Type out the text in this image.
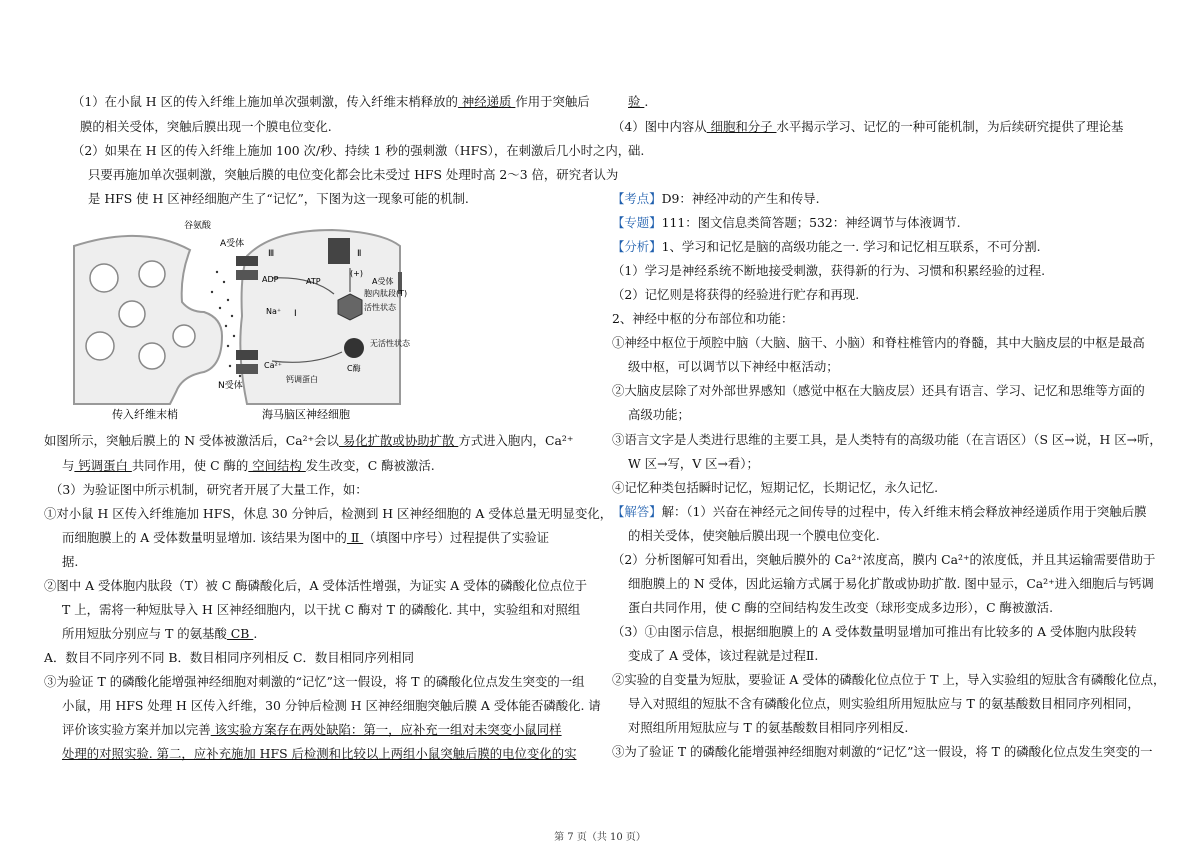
（1）在小鼠 H 区的传入纤维上施加单次强刺激，传入纤维末梢释放的 神经递质 作用于突触后
膜的相关受体，突触后膜出现一个膜电位变化.
（2）如果在 H 区的传入纤维上施加 100 次/秒、持续 1 秒的强刺激（HFS），在刺激后几小时之内，
只要再施加单次强刺激，突触后膜的电位变化都会比未受过 HFS 处理时高 2～3 倍，研究者认为
是 HFS 使 H 区神经细胞产生了“记忆”，下图为这一现象可能的机制.
如图所示，突触后膜上的 N 受体被激活后，Ca²⁺会以 易化扩散或协助扩散 方式进入胞内，Ca²⁺
与 钙调蛋白 共同作用，使 C 酶的 空间结构 发生改变，C 酶被激活.
（3）为验证图中所示机制，研究者开展了大量工作，如：
①对小鼠 H 区传入纤维施加 HFS，休息 30 分钟后，检测到 H 区神经细胞的 A 受体总量无明显变化，
而细胞膜上的 A 受体数量明显增加. 该结果为图中的 Ⅱ （填图中序号）过程提供了实验证
据.
②图中 A 受体胞内肽段（T）被 C 酶磷酸化后，A 受体活性增强，为证实 A 受体的磷酸化位点位于
T 上，需将一种短肽导入 H 区神经细胞内，以干扰 C 酶对 T 的磷酸化. 其中，实验组和对照组
所用短肽分别应与 T 的氨基酸 CB .
A．数目不同序列不同 B．数目相同序列相反 C．数目相同序列相同
③为验证 T 的磷酸化能增强神经细胞对刺激的“记忆”这一假设，将 T 的磷酸化位点发生突变的一组
小鼠，用 HFS 处理 H 区传入纤维，30 分钟后检测 H 区神经细胞突触后膜 A 受体能否磷酸化. 请
评价该实验方案并加以完善 该实验方案存在两处缺陷：第一，应补充一组对未突变小鼠同样
处理的对照实验. 第二，应补充施加 HFS 后检测和比较以上两组小鼠突触后膜的电位变化的实
谷氨酸
A受体
Ⅲ	Ⅱ
ADP	ATP
(+)
活性状态
A受体
胞内肽段(T)
Na⁺ Ⅰ
无活性状态
Ca²⁺	C酶
N受体
钙调蛋白
传入纤维末梢	海马脑区神经细胞
验 .
（4）图中内容从 细胞和分子 水平揭示学习、记忆的一种可能机制，为后续研究提供了理论基
础.
【考点】D9：神经冲动的产生和传导.
【专题】111：图文信息类简答题；532：神经调节与体液调节.
【分析】1、学习和记忆是脑的高级功能之一. 学习和记忆相互联系，不可分割.
（1）学习是神经系统不断地接受刺激，获得新的行为、习惯和积累经验的过程.
（2）记忆则是将获得的经验进行贮存和再现.
2、神经中枢的分布部位和功能：
①神经中枢位于颅腔中脑（大脑、脑干、小脑）和脊柱椎管内的脊髓，其中大脑皮层的中枢是最高
级中枢，可以调节以下神经中枢活动；
②大脑皮层除了对外部世界感知（感觉中枢在大脑皮层）还具有语言、学习、记忆和思维等方面的
高级功能；
③语言文字是人类进行思维的主要工具，是人类特有的高级功能（在言语区）（S 区→说，H 区→听，
W 区→写，V 区→看）；
④记忆种类包括瞬时记忆，短期记忆，长期记忆，永久记忆.
【解答】解：（1）兴奋在神经元之间传导的过程中，传入纤维末梢会释放神经递质作用于突触后膜
的相关受体，使突触后膜出现一个膜电位变化.
（2）分析图解可知看出，突触后膜外的 Ca²⁺浓度高，膜内 Ca²⁺的浓度低，并且其运输需要借助于
细胞膜上的 N 受体，因此运输方式属于易化扩散或协助扩散. 图中显示，Ca²⁺进入细胞后与钙调
蛋白共同作用，使 C 酶的空间结构发生改变（球形变成多边形），C 酶被激活.
（3）①由图示信息，根据细胞膜上的 A 受体数量明显增加可推出有比较多的 A 受体胞内肽段转
变成了 A 受体，该过程就是过程Ⅱ.
②实验的自变量为短肽，要验证 A 受体的磷酸化位点位于 T 上，导入实验组的短肽含有磷酸化位点，
导入对照组的短肽不含有磷酸化位点，则实验组所用短肽应与 T 的氨基酸数目相同序列相同，
对照组所用短肽应与 T 的氨基酸数目相同序列相反.
③为了验证 T 的磷酸化能增强神经细胞对刺激的“记忆”这一假设，将 T 的磷酸化位点发生突变的一
第 7 页（共 10 页）
